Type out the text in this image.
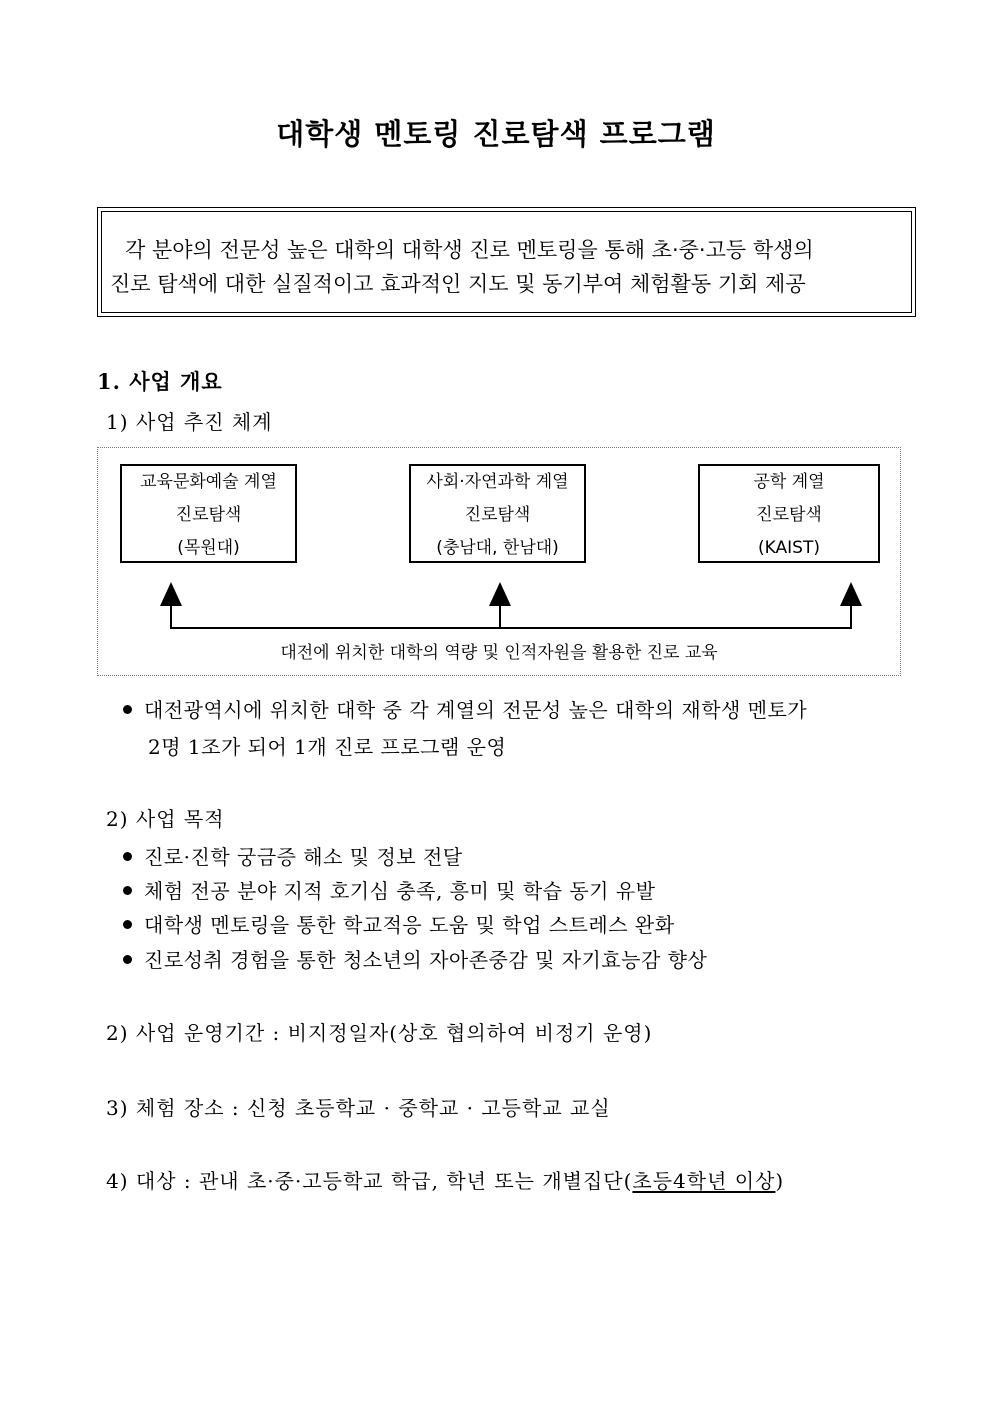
대학생 멘토링 진로탐색 프로그램
각 분야의 전문성 높은 대학의 대학생 진로 멘토링을 통해 초·중·고등 학생의
진로 탐색에 대한 실질적이고 효과적인 지도 및 동기부여 체험활동 기회 제공
1. 사업 개요
1) 사업 추진 체계
교육문화예술 계열
진로탐색
(목원대)
사회·자연과학 계열
진로탐색
(충남대, 한남대)
공학 계열
진로탐색
(KAIST)
대전에 위치한 대학의 역량 및 인적자원을 활용한 진로 교육
대전광역시에 위치한 대학 중 각 계열의 전문성 높은 대학의 재학생 멘토가
2명 1조가 되어 1개 진로 프로그램 운영
2) 사업 목적
진로·진학 궁금증 해소 및 정보 전달
체험 전공 분야 지적 호기심 충족, 흥미 및 학습 동기 유발
대학생 멘토링을 통한 학교적응 도움 및 학업 스트레스 완화
진로성취 경험을 통한 청소년의 자아존중감 및 자기효능감 향상
2) 사업 운영기간 : 비지정일자(상호 협의하여 비정기 운영)
3) 체험 장소 : 신청 초등학교 · 중학교 · 고등학교 교실
4) 대상 : 관내 초·중·고등학교 학급, 학년 또는 개별집단(초등4학년 이상)
